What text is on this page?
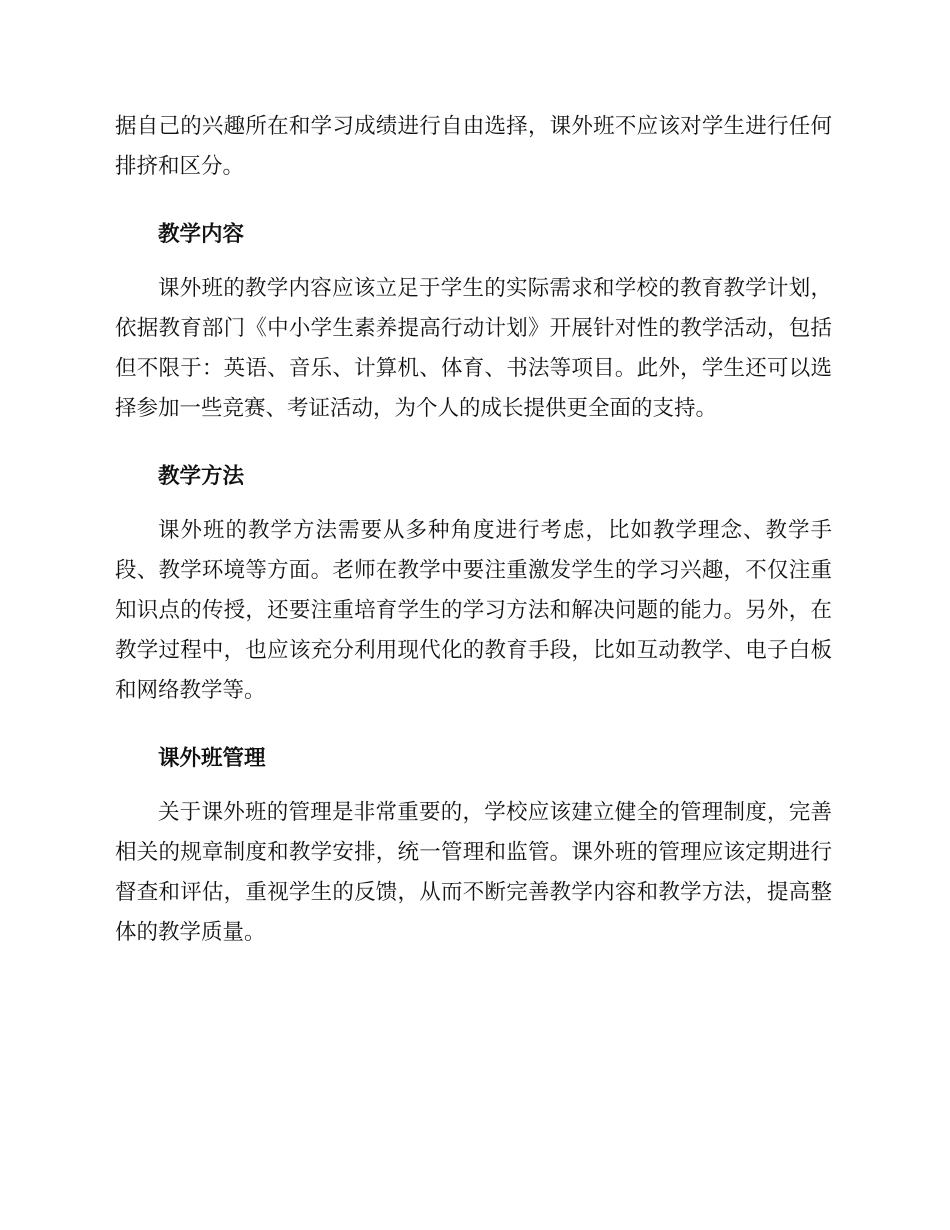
据自己的兴趣所在和学习成绩进行自由选择，课外班不应该对学生进行任何排挤和区分。

教学内容

课外班的教学内容应该立足于学生的实际需求和学校的教育教学计划，依据教育部门《中小学生素养提高行动计划》开展针对性的教学活动，包括但不限于：英语、音乐、计算机、体育、书法等项目。此外，学生还可以选择参加一些竞赛、考证活动，为个人的成长提供更全面的支持。

教学方法

课外班的教学方法需要从多种角度进行考虑，比如教学理念、教学手段、教学环境等方面。老师在教学中要注重激发学生的学习兴趣，不仅注重知识点的传授，还要注重培育学生的学习方法和解决问题的能力。另外，在教学过程中，也应该充分利用现代化的教育手段，比如互动教学、电子白板和网络教学等。

课外班管理

关于课外班的管理是非常重要的，学校应该建立健全的管理制度，完善相关的规章制度和教学安排，统一管理和监管。课外班的管理应该定期进行督查和评估，重视学生的反馈，从而不断完善教学内容和教学方法，提高整体的教学质量。
